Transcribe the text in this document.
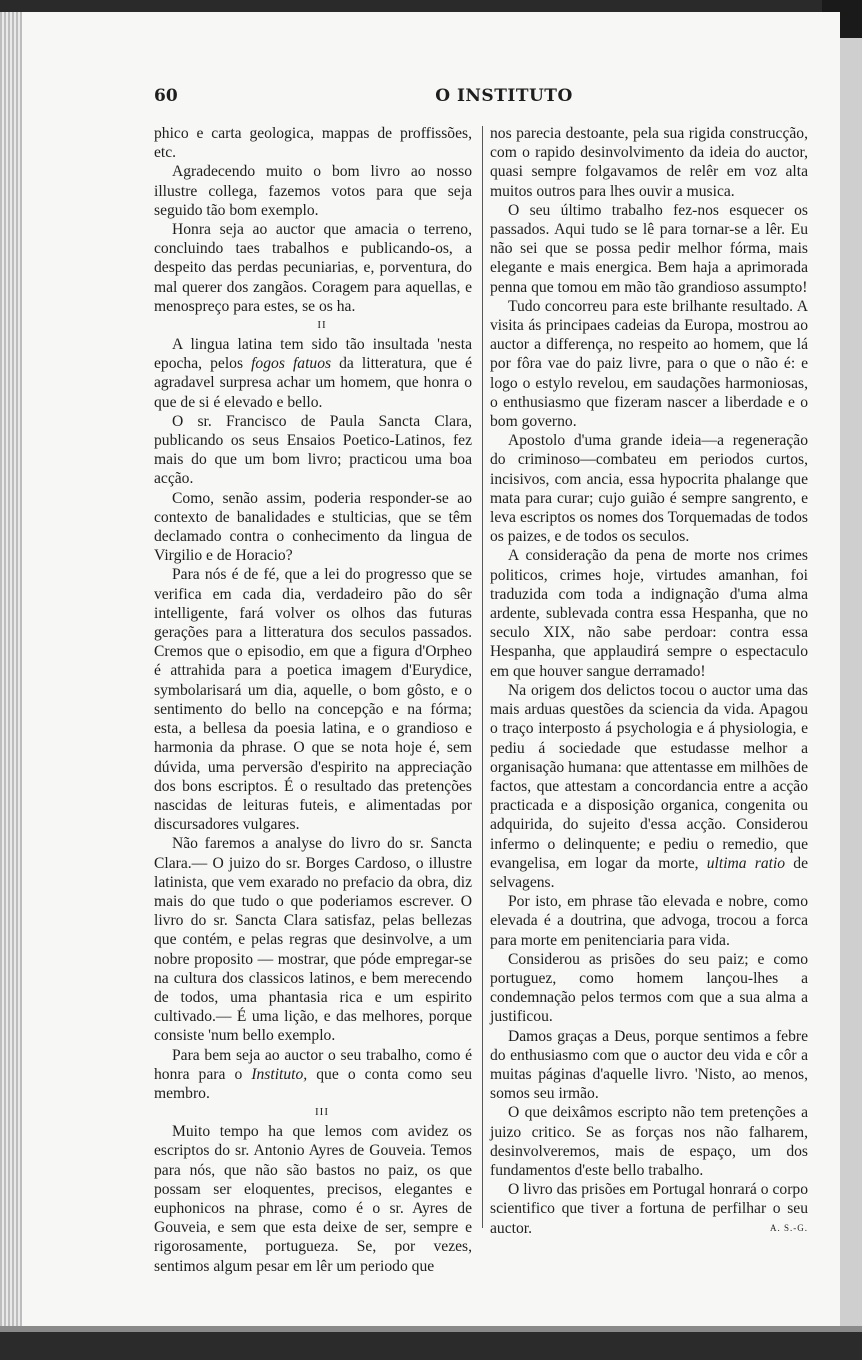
60	O INSTITUTO

phico e carta geologica, mappas de proffissões, etc.

Agradecendo muito o bom livro ao nosso illustre collega, fazemos votos para que seja seguido tão bom exemplo.

Honra seja ao auctor que amacia o terreno, concluindo taes trabalhos e publicando-os, a despeito das perdas pecuniarias, e, porventura, do mal querer dos zangãos. Coragem para aquellas, e menospreço para estes, se os ha.

II

A lingua latina tem sido tão insultada 'nesta epocha, pelos fogos fatuos da litteratura, que é agradavel surpresa achar um homem, que honra o que de si é elevado e bello.

O sr. Francisco de Paula Sancta Clara, publicando os seus Ensaios Poetico-Latinos, fez mais do que um bom livro; practicou uma boa acção.

Como, senão assim, poderia responder-se ao contexto de banalidades e stulticias, que se têm declamado contra o conhecimento da lingua de Virgilio e de Horacio?

Para nós é de fé, que a lei do progresso que se verifica em cada dia, verdadeiro pão do sêr intelligente, fará volver os olhos das futuras gerações para a litteratura dos seculos passados. Cremos que o episodio, em que a figura d'Orpheo é attrahida para a poetica imagem d'Eurydice, symbolarisará um dia, aquelle, o bom gôsto, e o sentimento do bello na concepção e na fórma; esta, a bellesa da poesia latina, e o grandioso e harmonia da phrase. O que se nota hoje é, sem dúvida, uma perversão d'espirito na appreciação dos bons escriptos. É o resultado das pretenções nascidas de leituras futeis, e alimentadas por discursadores vulgares.

Não faremos a analyse do livro do sr. Sancta Clara.— O juizo do sr. Borges Cardoso, o illustre latinista, que vem exarado no prefacio da obra, diz mais do que tudo o que poderiamos escrever. O livro do sr. Sancta Clara satisfaz, pelas bellezas que contém, e pelas regras que desinvolve, a um nobre proposito — mostrar, que póde empregar-se na cultura dos classicos latinos, e bem merecendo de todos, uma phantasia rica e um espirito cultivado.— É uma lição, e das melhores, porque consiste 'num bello exemplo.

Para bem seja ao auctor o seu trabalho, como é honra para o Instituto, que o conta como seu membro.

III

Muito tempo ha que lemos com avidez os escriptos do sr. Antonio Ayres de Gouveia. Temos para nós, que não são bastos no paiz, os que possam ser eloquentes, precisos, elegantes e euphonicos na phrase, como é o sr. Ayres de Gouveia, e sem que esta deixe de ser, sempre e rigorosamente, portugueza. Se, por vezes, sentimos algum pesar em lêr um periodo que

nos parecia destoante, pela sua rigida construcção, com o rapido desinvolvimento da ideia do auctor, quasi sempre folgavamos de relêr em voz alta muitos outros para lhes ouvir a musica.

O seu último trabalho fez-nos esquecer os passados. Aqui tudo se lê para tornar-se a lêr. Eu não sei que se possa pedir melhor fórma, mais elegante e mais energica. Bem haja a aprimorada penna que tomou em mão tão grandioso assumpto!

Tudo concorreu para este brilhante resultado. A visita ás principaes cadeias da Europa, mostrou ao auctor a differença, no respeito ao homem, que lá por fôra vae do paiz livre, para o que o não é: e logo o estylo revelou, em saudações harmoniosas, o enthusiasmo que fizeram nascer a liberdade e o bom governo.

Apostolo d'uma grande ideia—a regeneração do criminoso—combateu em periodos curtos, incisivos, com ancia, essa hypocrita phalange que mata para curar; cujo guião é sempre sangrento, e leva escriptos os nomes dos Torquemadas de todos os paizes, e de todos os seculos.

A consideração da pena de morte nos crimes politicos, crimes hoje, virtudes amanhan, foi traduzida com toda a indignação d'uma alma ardente, sublevada contra essa Hespanha, que no seculo XIX, não sabe perdoar: contra essa Hespanha, que applaudirá sempre o espectaculo em que houver sangue derramado!

Na origem dos delictos tocou o auctor uma das mais arduas questões da sciencia da vida. Apagou o traço interposto á psychologia e á physiologia, e pediu á sociedade que estudasse melhor a organisação humana: que attentasse em milhões de factos, que attestam a concordancia entre a acção practicada e a disposição organica, congenita ou adquirida, do sujeito d'essa acção. Considerou infermo o delinquente; e pediu o remedio, que evangelisa, em logar da morte, ultima ratio de selvagens.

Por isto, em phrase tão elevada e nobre, como elevada é a doutrina, que advoga, trocou a forca para morte em penitenciaria para vida.

Considerou as prisões do seu paiz; e como portuguez, como homem lançou-lhes a condemnação pelos termos com que a sua alma a justificou.

Damos graças a Deus, porque sentimos a febre do enthusiasmo com que o auctor deu vida e côr a muitas páginas d'aquelle livro. 'Nisto, ao menos, somos seu irmão.

O que deixâmos escripto não tem pretenções a juizo critico. Se as forças nos não falharem, desinvolveremos, mais de espaço, um dos fundamentos d'este bello trabalho.

O livro das prisões em Portugal honrará o corpo scientifico que tiver a fortuna de perfilhar o seu auctor.	A. S.-G.
